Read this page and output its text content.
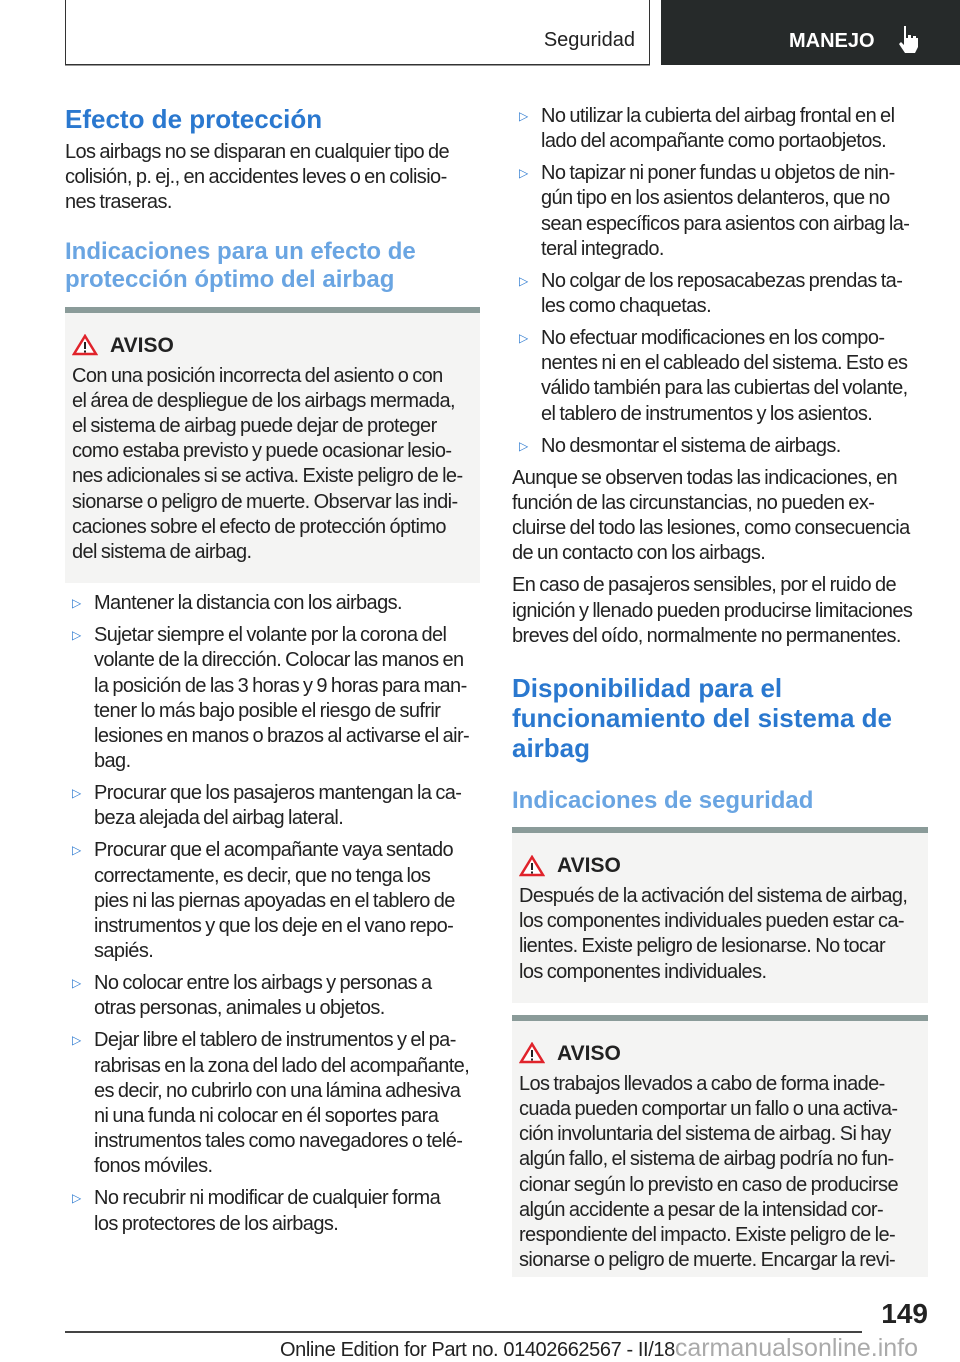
Seguridad	MANEJO
Efecto de protección
Los airbags no se disparan en cualquier tipo de
colisión, p. ej., en accidentes leves o en colisio-
nes traseras.
Indicaciones para un efecto de
protección óptimo del airbag
AVISO
Con una posición incorrecta del asiento o con
el área de despliegue de los airbags mermada,
el sistema de airbag puede dejar de proteger
como estaba previsto y puede ocasionar lesio-
nes adicionales si se activa. Existe peligro de le-
sionarse o peligro de muerte. Observar las indi-
caciones sobre el efecto de protección óptimo
del sistema de airbag.
▷ Mantener la distancia con los airbags.
▷ Sujetar siempre el volante por la corona del
volante de la dirección. Colocar las manos en
la posición de las 3 horas y 9 horas para man-
tener lo más bajo posible el riesgo de sufrir
lesiones en manos o brazos al activarse el air-
bag.
▷ Procurar que los pasajeros mantengan la ca-
beza alejada del airbag lateral.
▷ Procurar que el acompañante vaya sentado
correctamente, es decir, que no tenga los
pies ni las piernas apoyadas en el tablero de
instrumentos y que los deje en el vano repo-
sapiés.
▷ No colocar entre los airbags y personas a
otras personas, animales u objetos.
▷ Dejar libre el tablero de instrumentos y el pa-
rabrisas en la zona del lado del acompañante,
es decir, no cubrirlo con una lámina adhesiva
ni una funda ni colocar en él soportes para
instrumentos tales como navegadores o telé-
fonos móviles.
▷ No recubrir ni modificar de cualquier forma
los protectores de los airbags.
▷ No utilizar la cubierta del airbag frontal en el
lado del acompañante como portaobjetos.
▷ No tapizar ni poner fundas u objetos de nin-
gún tipo en los asientos delanteros, que no
sean específicos para asientos con airbag la-
teral integrado.
▷ No colgar de los reposacabezas prendas ta-
les como chaquetas.
▷ No efectuar modificaciones en los compo-
nentes ni en el cableado del sistema. Esto es
válido también para las cubiertas del volante,
el tablero de instrumentos y los asientos.
▷ No desmontar el sistema de airbags.
Aunque se observen todas las indicaciones, en
función de las circunstancias, no pueden ex-
cluirse del todo las lesiones, como consecuencia
de un contacto con los airbags.
En caso de pasajeros sensibles, por el ruido de
ignición y llenado pueden producirse limitaciones
breves del oído, normalmente no permanentes.
Disponibilidad para el
funcionamiento del sistema de
airbag
Indicaciones de seguridad
AVISO
Después de la activación del sistema de airbag,
los componentes individuales pueden estar ca-
lientes. Existe peligro de lesionarse. No tocar
los componentes individuales.
AVISO
Los trabajos llevados a cabo de forma inade-
cuada pueden comportar un fallo o una activa-
ción involuntaria del sistema de airbag. Si hay
algún fallo, el sistema de airbag podría no fun-
cionar según lo previsto en caso de producirse
algún accidente a pesar de la intensidad cor-
respondiente del impacto. Existe peligro de le-
sionarse o peligro de muerte. Encargar la revi-
149
Online Edition for Part no. 01402662567 - II/18carmanualsonline.info
